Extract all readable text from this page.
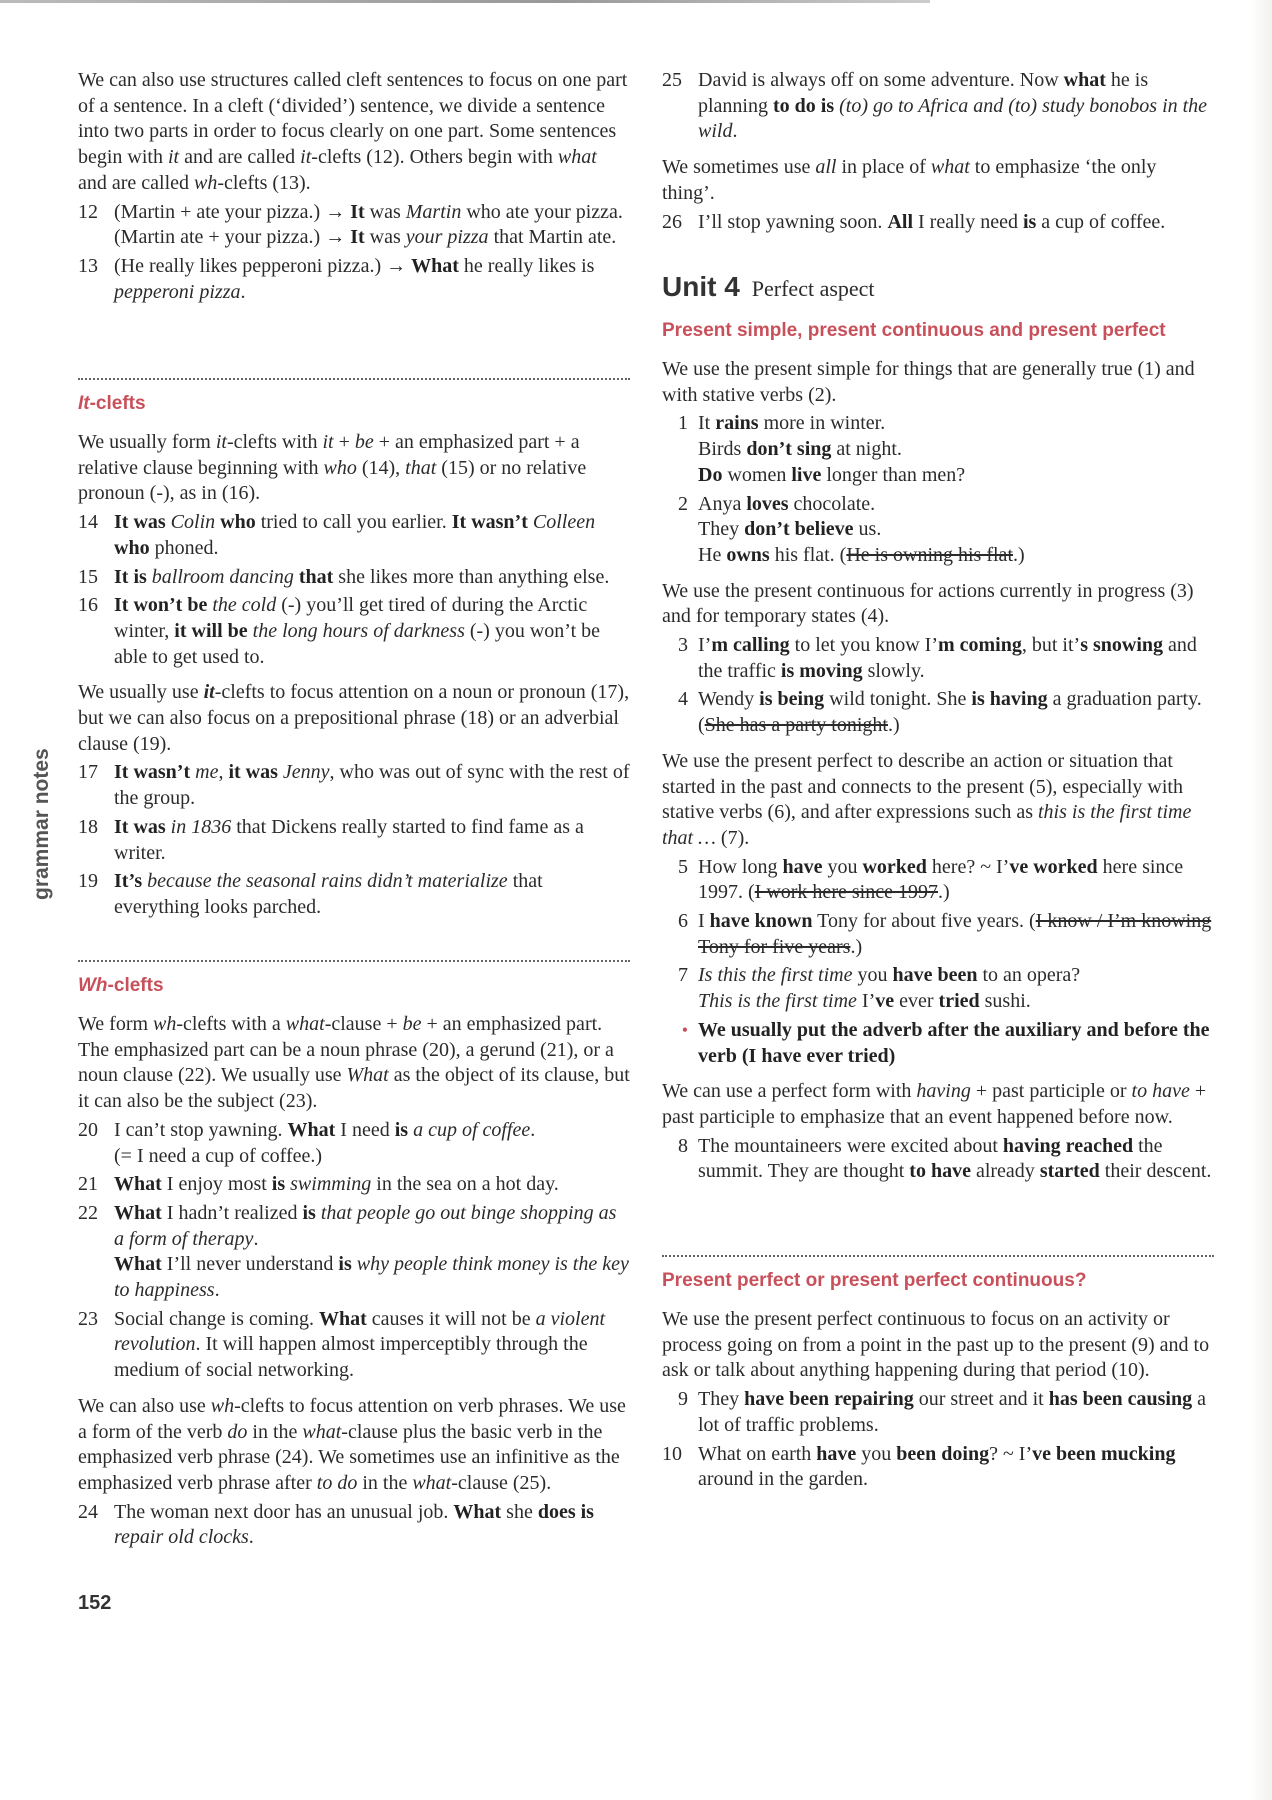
We can also use structures called cleft sentences to focus on one part of a sentence. In a cleft (‘divided’) sentence, we divide a sentence into two parts in order to focus clearly on one part. Some sentences begin with it and are called it-clefts (12). Others begin with what and are called wh-clefts (13).
12 (Martin + ate your pizza.) → It was Martin who ate your pizza.
(Martin ate + your pizza.) → It was your pizza that Martin ate.
13 (He really likes pepperoni pizza.) → What he really likes is pepperoni pizza.
It-clefts
We usually form it-clefts with it + be + an emphasized part + a relative clause beginning with who (14), that (15) or no relative pronoun (-), as in (16).
14 It was Colin who tried to call you earlier. It wasn’t Colleen who phoned.
15 It is ballroom dancing that she likes more than anything else.
16 It won’t be the cold (-) you’ll get tired of during the Arctic winter, it will be the long hours of darkness (-) you won’t be able to get used to.
We usually use it-clefts to focus attention on a noun or pronoun (17), but we can also focus on a prepositional phrase (18) or an adverbial clause (19).
17 It wasn’t me, it was Jenny, who was out of sync with the rest of the group.
18 It was in 1836 that Dickens really started to find fame as a writer.
19 It’s because the seasonal rains didn’t materialize that everything looks parched.
Wh-clefts
We form wh-clefts with a what-clause + be + an emphasized part. The emphasized part can be a noun phrase (20), a gerund (21), or a noun clause (22). We usually use What as the object of its clause, but it can also be the subject (23).
20 I can’t stop yawning. What I need is a cup of coffee.
(= I need a cup of coffee.)
21 What I enjoy most is swimming in the sea on a hot day.
22 What I hadn’t realized is that people go out binge shopping as a form of therapy.
What I’ll never understand is why people think money is the key to happiness.
23 Social change is coming. What causes it will not be a violent revolution. It will happen almost imperceptibly through the medium of social networking.
We can also use wh-clefts to focus attention on verb phrases. We use a form of the verb do in the what-clause plus the basic verb in the emphasized verb phrase (24). We sometimes use an infinitive as the emphasized verb phrase after to do in the what-clause (25).
24 The woman next door has an unusual job. What she does is repair old clocks.
25 David is always off on some adventure. Now what he is planning to do is (to) go to Africa and (to) study bonobos in the wild.
We sometimes use all in place of what to emphasize ‘the only thing’.
26 I’ll stop yawning soon. All I really need is a cup of coffee.
Unit 4 Perfect aspect
Present simple, present continuous and present perfect
We use the present simple for things that are generally true (1) and with stative verbs (2).
1 It rains more in winter.
Birds don’t sing at night.
Do women live longer than men?
2 Anya loves chocolate.
They don’t believe us.
He owns his flat. (He is owning his flat.)
We use the present continuous for actions currently in progress (3) and for temporary states (4).
3 I’m calling to let you know I’m coming, but it’s snowing and the traffic is moving slowly.
4 Wendy is being wild tonight. She is having a graduation party. (She has a party tonight.)
We use the present perfect to describe an action or situation that started in the past and connects to the present (5), especially with stative verbs (6), and after expressions such as this is the first time that … (7).
5 How long have you worked here? ~ I’ve worked here since 1997. (I work here since 1997.)
6 I have known Tony for about five years. (I know / I’m knowing Tony for five years.)
7 Is this the first time you have been to an opera?
This is the first time I’ve ever tried sushi.
• We usually put the adverb after the auxiliary and before the verb (I have ever tried)
We can use a perfect form with having + past participle or to have + past participle to emphasize that an event happened before now.
8 The mountaineers were excited about having reached the summit. They are thought to have already started their descent.
Present perfect or present perfect continuous?
We use the present perfect continuous to focus on an activity or process going on from a point in the past up to the present (9) and to ask or talk about anything happening during that period (10).
9 They have been repairing our street and it has been causing a lot of traffic problems.
10 What on earth have you been doing? ~ I’ve been mucking around in the garden.
grammar notes
152
